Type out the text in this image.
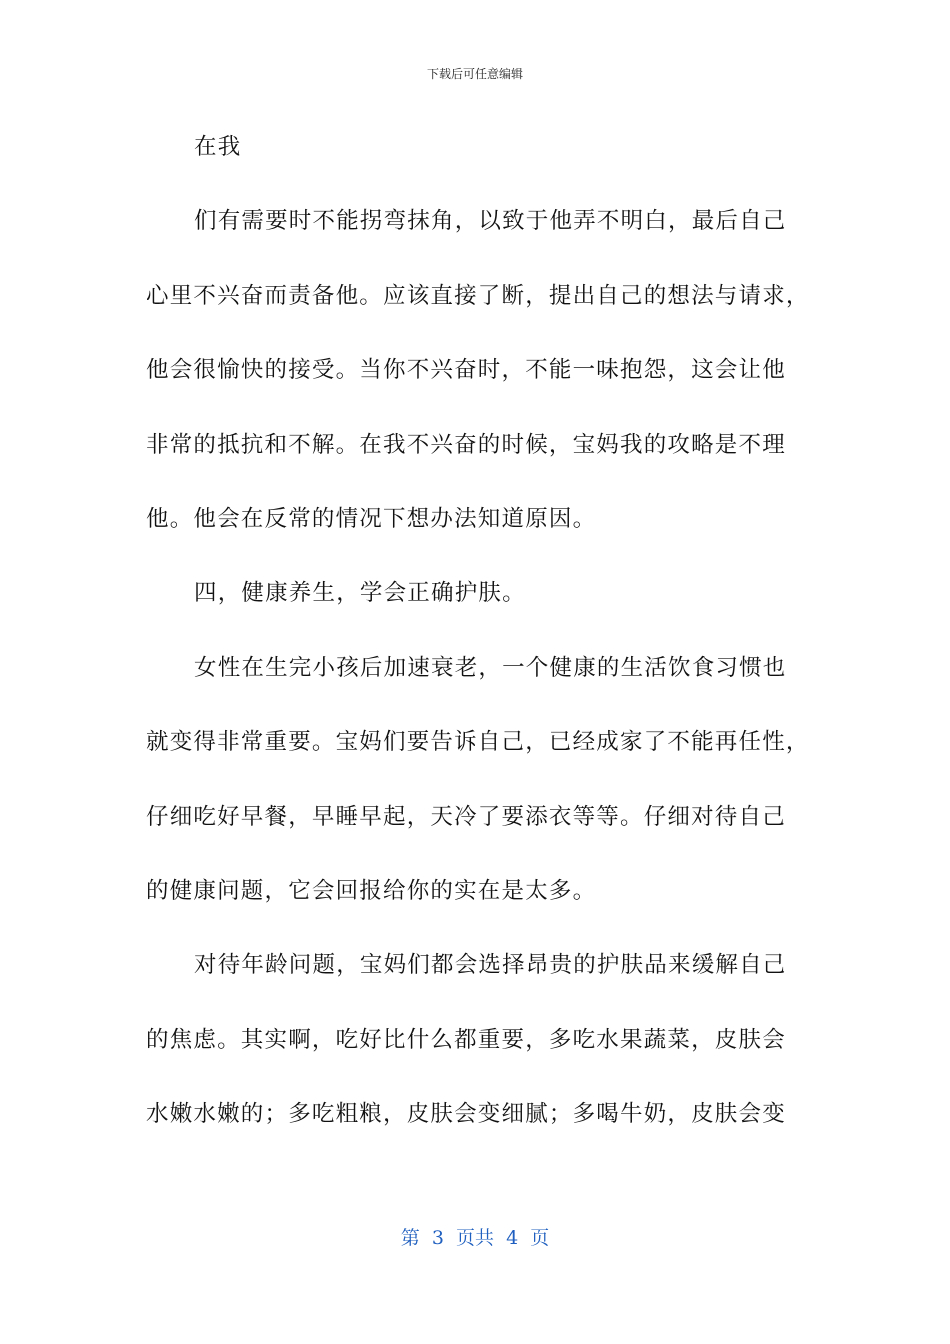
下载后可任意编辑
在我
们有需要时不能拐弯抹角，以致于他弄不明白，最后自己
心里不兴奋而责备他。应该直接了断，提出自己的想法与请求，
他会很愉快的接受。当你不兴奋时，不能一味抱怨，这会让他
非常的抵抗和不解。在我不兴奋的时候，宝妈我的攻略是不理
他。他会在反常的情况下想办法知道原因。
四，健康养生，学会正确护肤。
女性在生完小孩后加速衰老，一个健康的生活饮食习惯也
就变得非常重要。宝妈们要告诉自己，已经成家了不能再任性，
仔细吃好早餐，早睡早起，天冷了要添衣等等。仔细对待自己
的健康问题，它会回报给你的实在是太多。
对待年龄问题，宝妈们都会选择昂贵的护肤品来缓解自己
的焦虑。其实啊，吃好比什么都重要，多吃水果蔬菜，皮肤会
水嫩水嫩的；多吃粗粮，皮肤会变细腻；多喝牛奶，皮肤会变
第  3  页共  4  页
